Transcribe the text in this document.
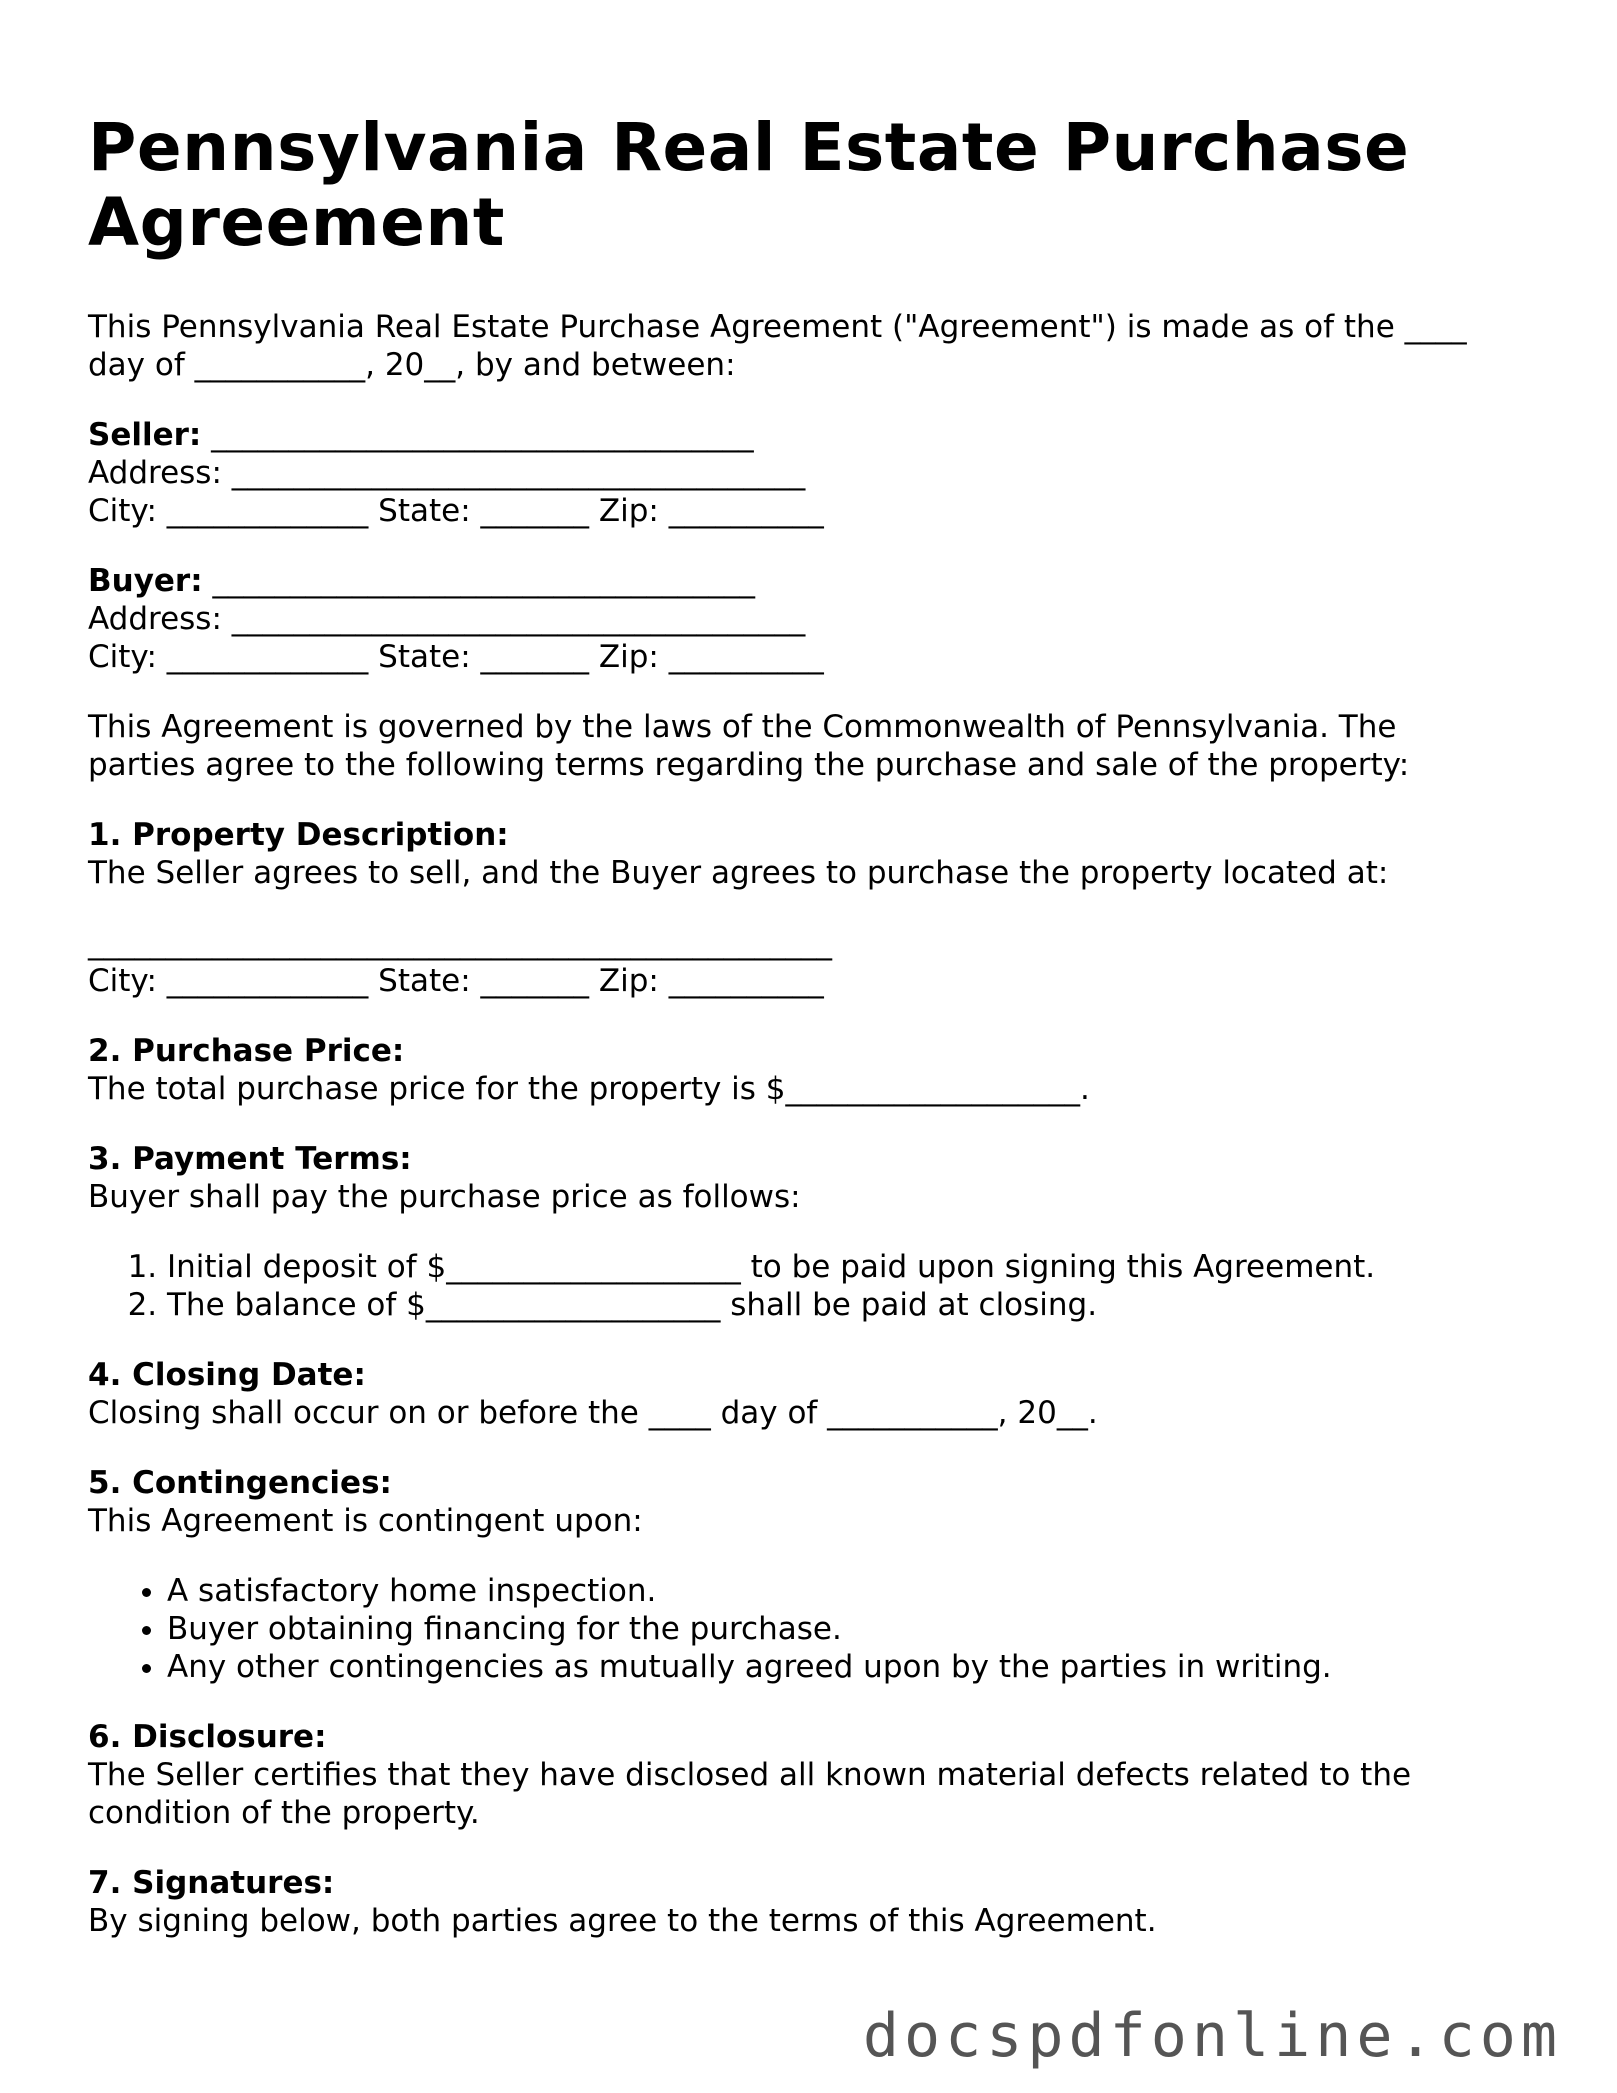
Pennsylvania Real Estate Purchase Agreement

This Pennsylvania Real Estate Purchase Agreement ("Agreement") is made as of the ____

day of ___________, 20__, by and between:

Seller: ___________________________________

Address: _____________________________________

City: _____________ State: _______ Zip: __________

Buyer: ___________________________________

Address: _____________________________________

City: _____________ State: _______ Zip: __________

This Agreement is governed by the laws of the Commonwealth of Pennsylvania. The

parties agree to the following terms regarding the purchase and sale of the property:

1. Property Description:

The Seller agrees to sell, and the Buyer agrees to purchase the property located at:

________________________________________________

City: _____________ State: _______ Zip: __________

2. Purchase Price:

The total purchase price for the property is $___________________.

3. Payment Terms:

Buyer shall pay the purchase price as follows:

1. Initial deposit of $___________________ to be paid upon signing this Agreement.
2. The balance of $___________________ shall be paid at closing.

4. Closing Date:

Closing shall occur on or before the ____ day of ___________, 20__.

5. Contingencies:

This Agreement is contingent upon:

• A satisfactory home inspection.
• Buyer obtaining financing for the purchase.
• Any other contingencies as mutually agreed upon by the parties in writing.

6. Disclosure:

The Seller certifies that they have disclosed all known material defects related to the

condition of the property.

7. Signatures:

By signing below, both parties agree to the terms of this Agreement.

docspdfonline.com
